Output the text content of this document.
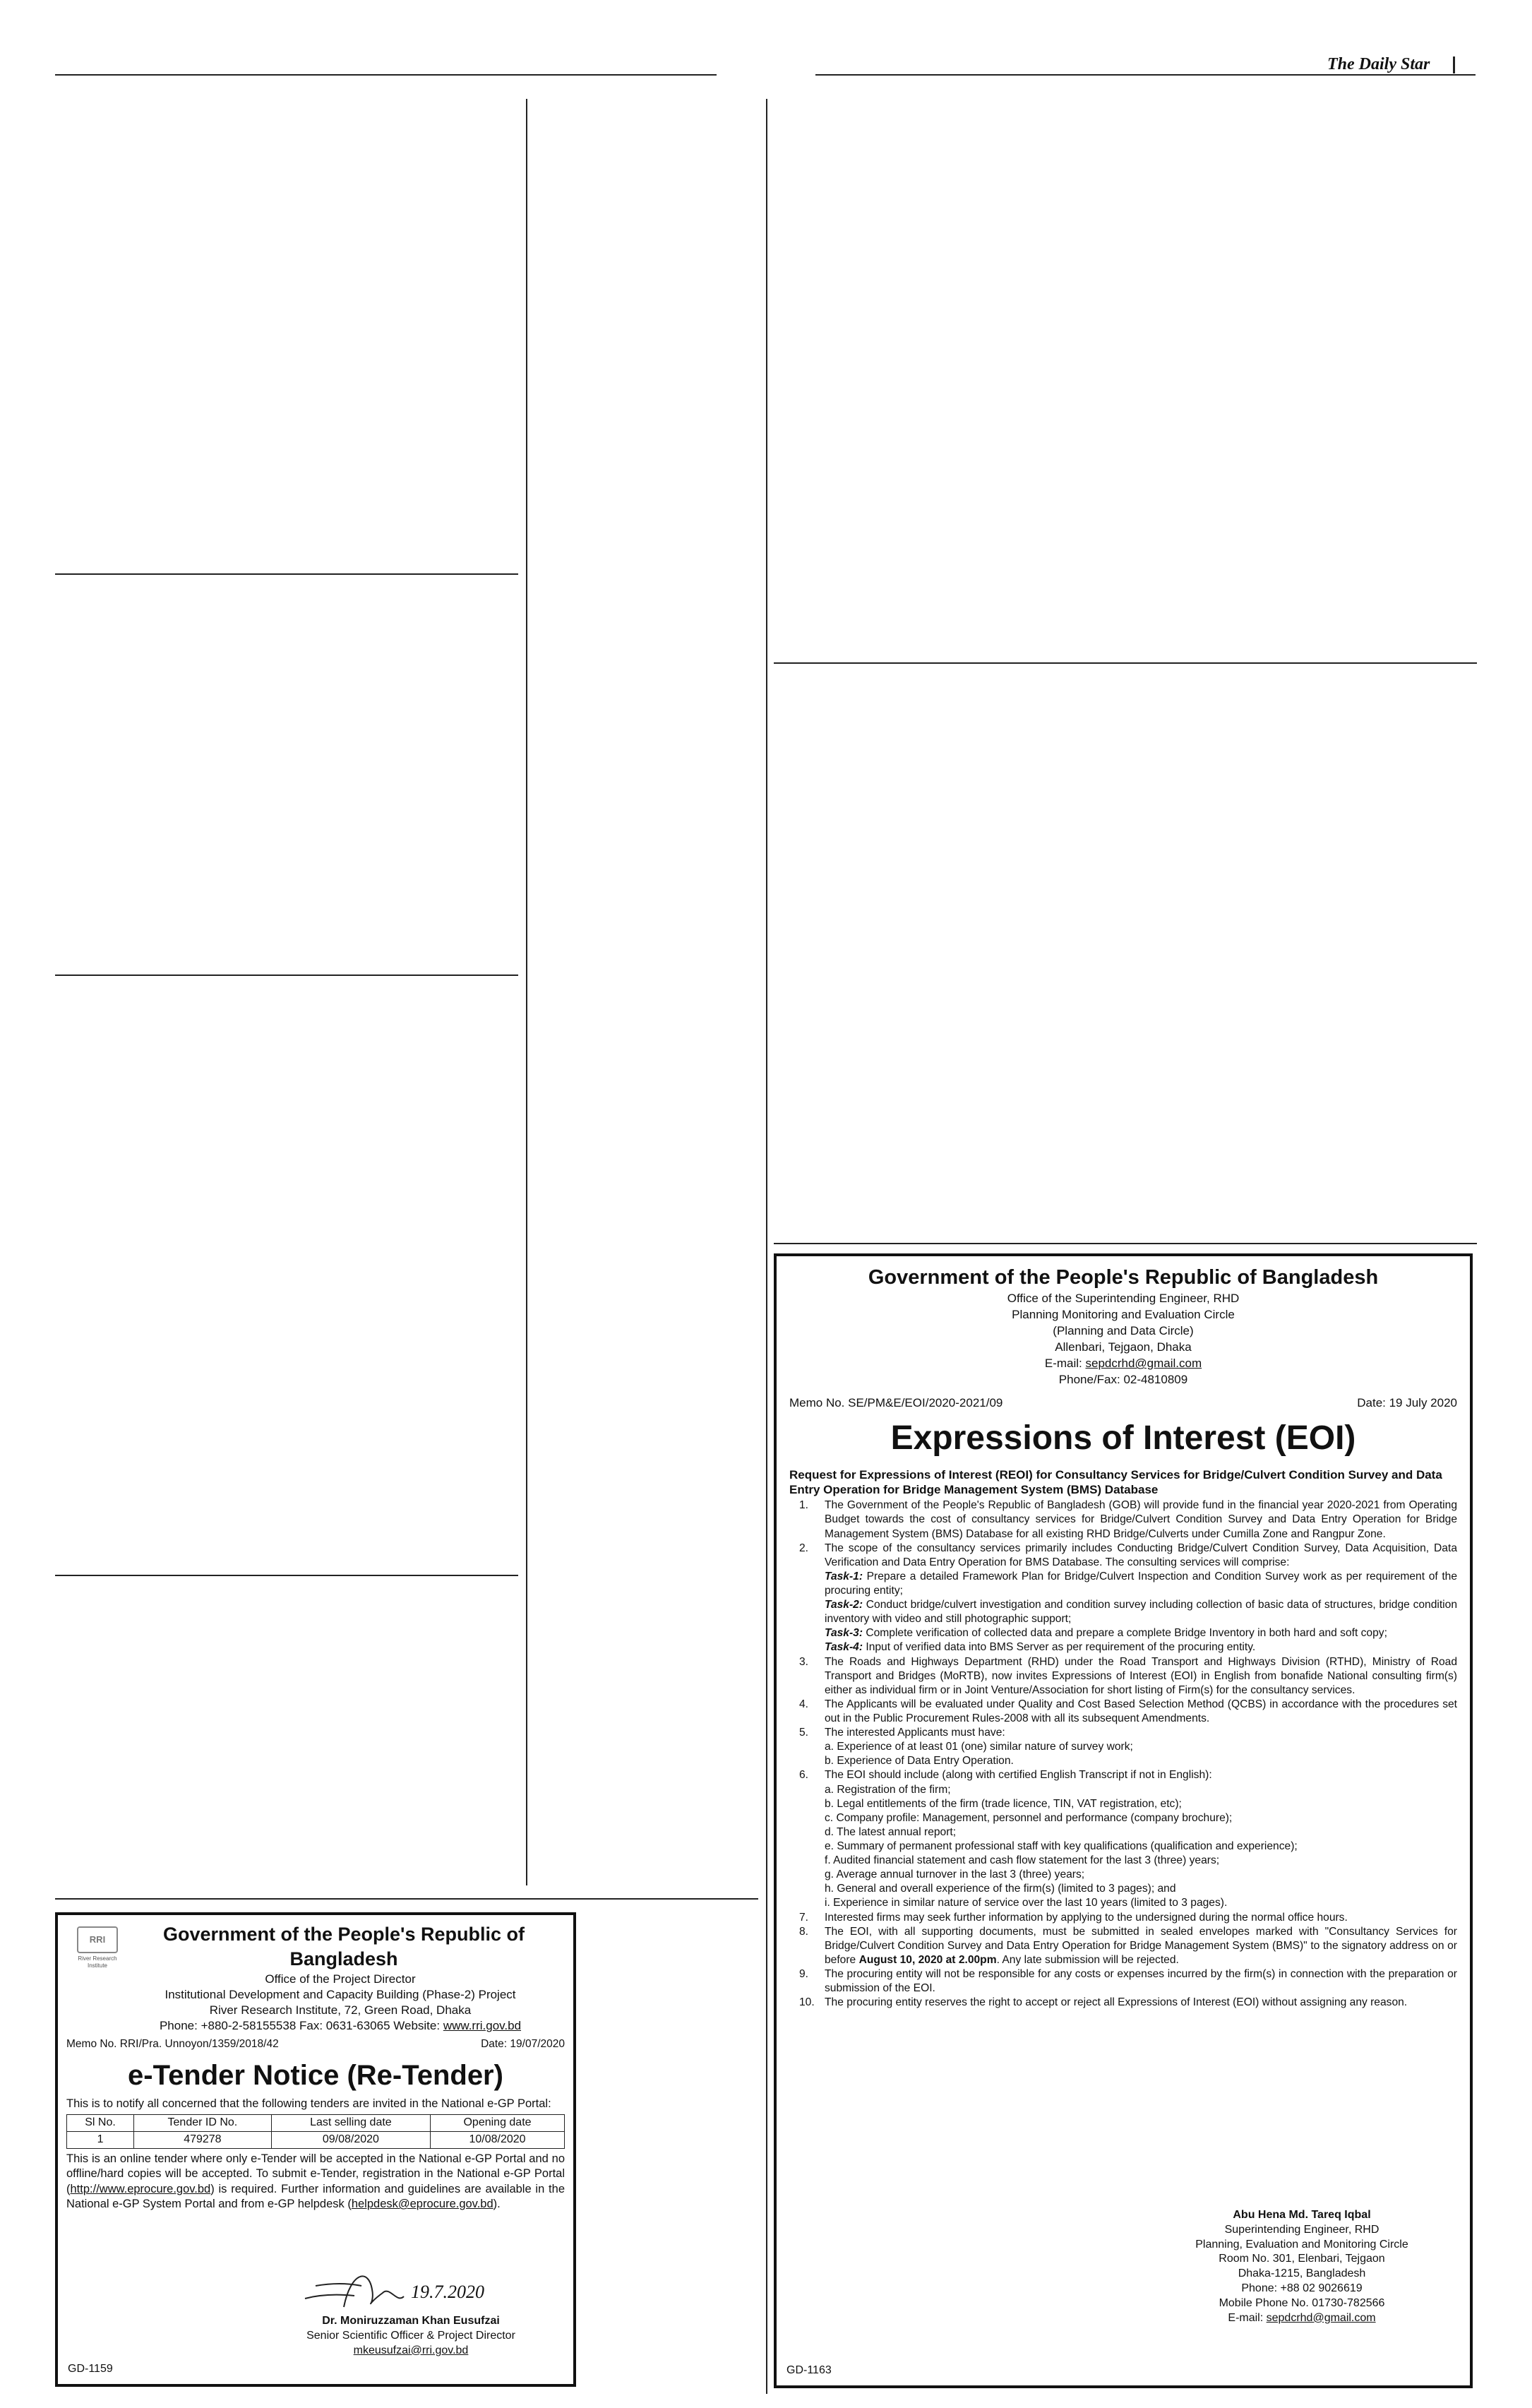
The Daily Star
RRI
River Research Institute
Government of the People's Republic of Bangladesh
Office of the Project Director
Institutional Development and Capacity Building (Phase-2) Project
River Research Institute, 72, Green Road, Dhaka
Phone: +880-2-58155538 Fax: 0631-63065 Website: www.rri.gov.bd
Memo No. RRI/Pra. Unnoyon/1359/2018/42	Date: 19/07/2020
e-Tender Notice (Re-Tender)
This is to notify all concerned that the following tenders are invited in the National e-GP Portal:
Sl No.	Tender ID No.	Last selling date	Opening date
1	479278	09/08/2020	10/08/2020
This is an online tender where only e-Tender will be accepted in the National e-GP Portal and no offline/hard copies will be accepted. To submit e-Tender, registration in the National e-GP Portal (http://www.eprocure.gov.bd) is required. Further information and guidelines are available in the National e-GP System Portal and from e-GP helpdesk (helpdesk@eprocure.gov.bd).
19.7.2020
Dr. Moniruzzaman Khan Eusufzai
Senior Scientific Officer & Project Director
mkeusufzai@rri.gov.bd
GD-1159
Government of the People's Republic of Bangladesh
Office of the Superintending Engineer, RHD
Planning Monitoring and Evaluation Circle
(Planning and Data Circle)
Allenbari, Tejgaon, Dhaka
E-mail: sepdcrhd@gmail.com
Phone/Fax: 02-4810809
Memo No. SE/PM&E/EOI/2020-2021/09	Date: 19 July 2020
Expressions of Interest (EOI)
Request for Expressions of Interest (REOI) for Consultancy Services for Bridge/Culvert Condition Survey and Data Entry Operation for Bridge Management System (BMS) Database
1.	The Government of the People's Republic of Bangladesh (GOB) will provide fund in the financial year 2020-2021 from Operating Budget towards the cost of consultancy services for Bridge/Culvert Condition Survey and Data Entry Operation for Bridge Management System (BMS) Database for all existing RHD Bridge/Culverts under Cumilla Zone and Rangpur Zone.
2.	The scope of the consultancy services primarily includes Conducting Bridge/Culvert Condition Survey, Data Acquisition, Data Verification and Data Entry Operation for BMS Database. The consulting services will comprise:
Task-1: Prepare a detailed Framework Plan for Bridge/Culvert Inspection and Condition Survey work as per requirement of the procuring entity;
Task-2: Conduct bridge/culvert investigation and condition survey including collection of basic data of structures, bridge condition inventory with video and still photographic support;
Task-3: Complete verification of collected data and prepare a complete Bridge Inventory in both hard and soft copy;
Task-4: Input of verified data into BMS Server as per requirement of the procuring entity.
3.	The Roads and Highways Department (RHD) under the Road Transport and Highways Division (RTHD), Ministry of Road Transport and Bridges (MoRTB), now invites Expressions of Interest (EOI) in English from bonafide National consulting firm(s) either as individual firm or in Joint Venture/Association for short listing of Firm(s) for the consultancy services.
4.	The Applicants will be evaluated under Quality and Cost Based Selection Method (QCBS) in accordance with the procedures set out in the Public Procurement Rules-2008 with all its subsequent Amendments.
5.	The interested Applicants must have:
a. Experience of at least 01 (one) similar nature of survey work;
b. Experience of Data Entry Operation.
6.	The EOI should include (along with certified English Transcript if not in English):
a. Registration of the firm;
b. Legal entitlements of the firm (trade licence, TIN, VAT registration, etc);
c. Company profile: Management, personnel and performance (company brochure);
d. The latest annual report;
e. Summary of permanent professional staff with key qualifications (qualification and experience);
f. Audited financial statement and cash flow statement for the last 3 (three) years;
g. Average annual turnover in the last 3 (three) years;
h. General and overall experience of the firm(s) (limited to 3 pages); and
i. Experience in similar nature of service over the last 10 years (limited to 3 pages).
7.	Interested firms may seek further information by applying to the undersigned during the normal office hours.
8.	The EOI, with all supporting documents, must be submitted in sealed envelopes marked with "Consultancy Services for Bridge/Culvert Condition Survey and Data Entry Operation for Bridge Management System (BMS)" to the signatory address on or before August 10, 2020 at 2.00pm. Any late submission will be rejected.
9.	The procuring entity will not be responsible for any costs or expenses incurred by the firm(s) in connection with the preparation or submission of the EOI.
10. The procuring entity reserves the right to accept or reject all Expressions of Interest (EOI) without assigning any reason.
Abu Hena Md. Tareq Iqbal
Superintending Engineer, RHD
Planning, Evaluation and Monitoring Circle
Room No. 301, Elenbari, Tejgaon
Dhaka-1215, Bangladesh
Phone: +88 02 9026619
Mobile Phone No. 01730-782566
E-mail: sepdcrhd@gmail.com
GD-1163
